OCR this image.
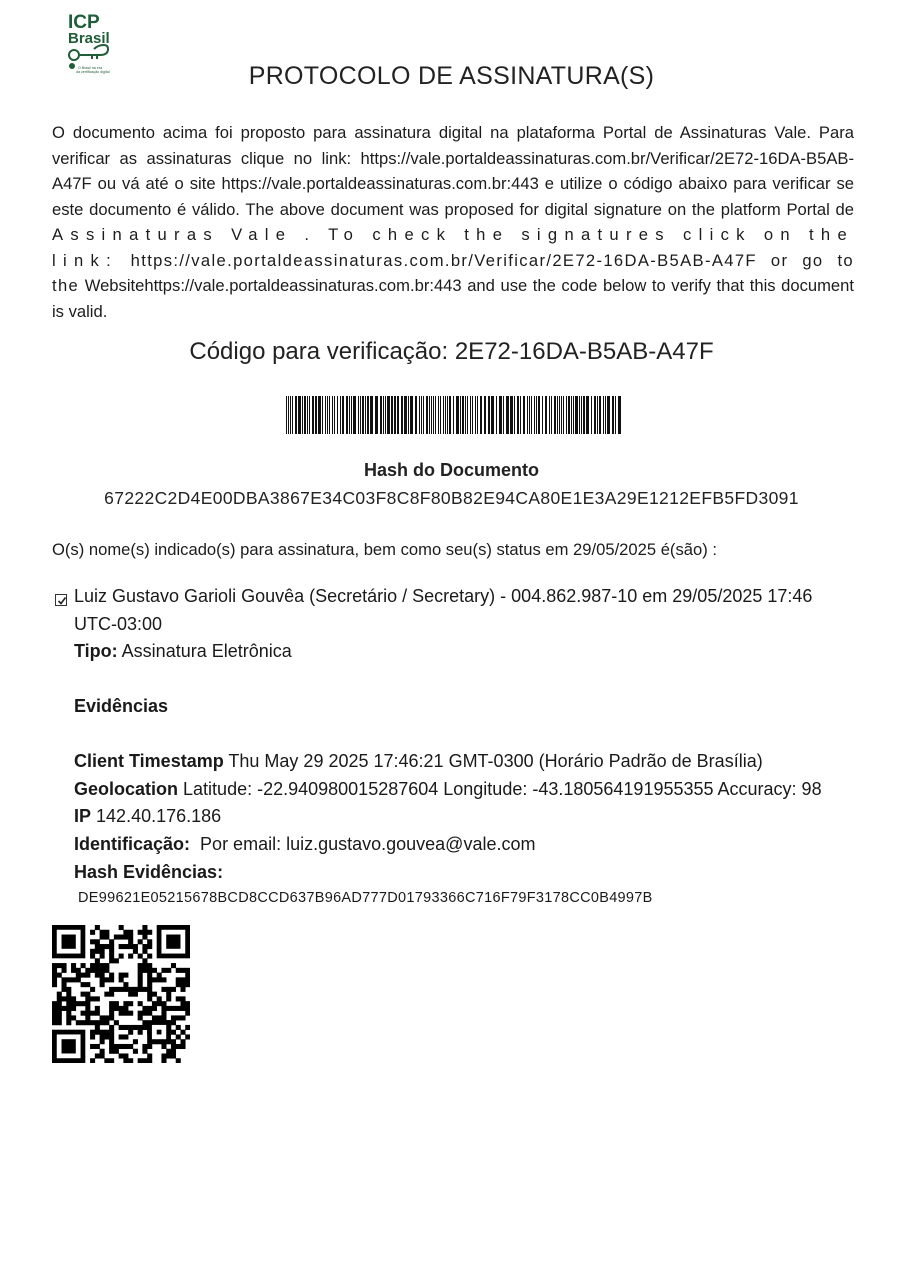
ICP
Brasil
O Brasil na era
da certificação digital	PROTOCOLO DE ASSINATURA(S)
O documento acima foi proposto para assinatura digital na plataforma Portal de Assinaturas Vale. Para verificar as assinaturas clique no link: https://vale.portaldeassinaturas.com.br/Verificar/2E72-16DA-B5AB-A47F ou vá até o site https://vale.portaldeassinaturas.com.br:443 e utilize o código abaixo para verificar se este documento é válido. The above document was proposed for digital signature on the platform Portal de Assinaturas Vale . To check the signatures click on the link: https://vale.portaldeassinaturas.com.br/Verificar/2E72-16DA-B5AB-A47F or go to the Websitehttps://vale.portaldeassinaturas.com.br:443 and use the code below to verify that this document is valid.
Código para verificação: 2E72-16DA-B5AB-A47F
Hash do Documento
67222C2D4E00DBA3867E34C03F8C8F80B82E94CA80E1E3A29E1212EFB5FD3091
O(s) nome(s) indicado(s) para assinatura, bem como seu(s) status em 29/05/2025 é(são) :
Luiz Gustavo Garioli Gouvêa (Secretário / Secretary) - 004.862.987-10 em 29/05/2025 17:46
UTC-03:00
Tipo: Assinatura Eletrônica
Evidências
Client Timestamp Thu May 29 2025 17:46:21 GMT-0300 (Horário Padrão de Brasília)
Geolocation Latitude: -22.940980015287604 Longitude: -43.180564191955355 Accuracy: 98
IP 142.40.176.186
Identificação: Por email: luiz.gustavo.gouvea@vale.com
Hash Evidências:
DE99621E05215678BCD8CCD637B96AD777D01793366C716F79F3178CC0B4997B
